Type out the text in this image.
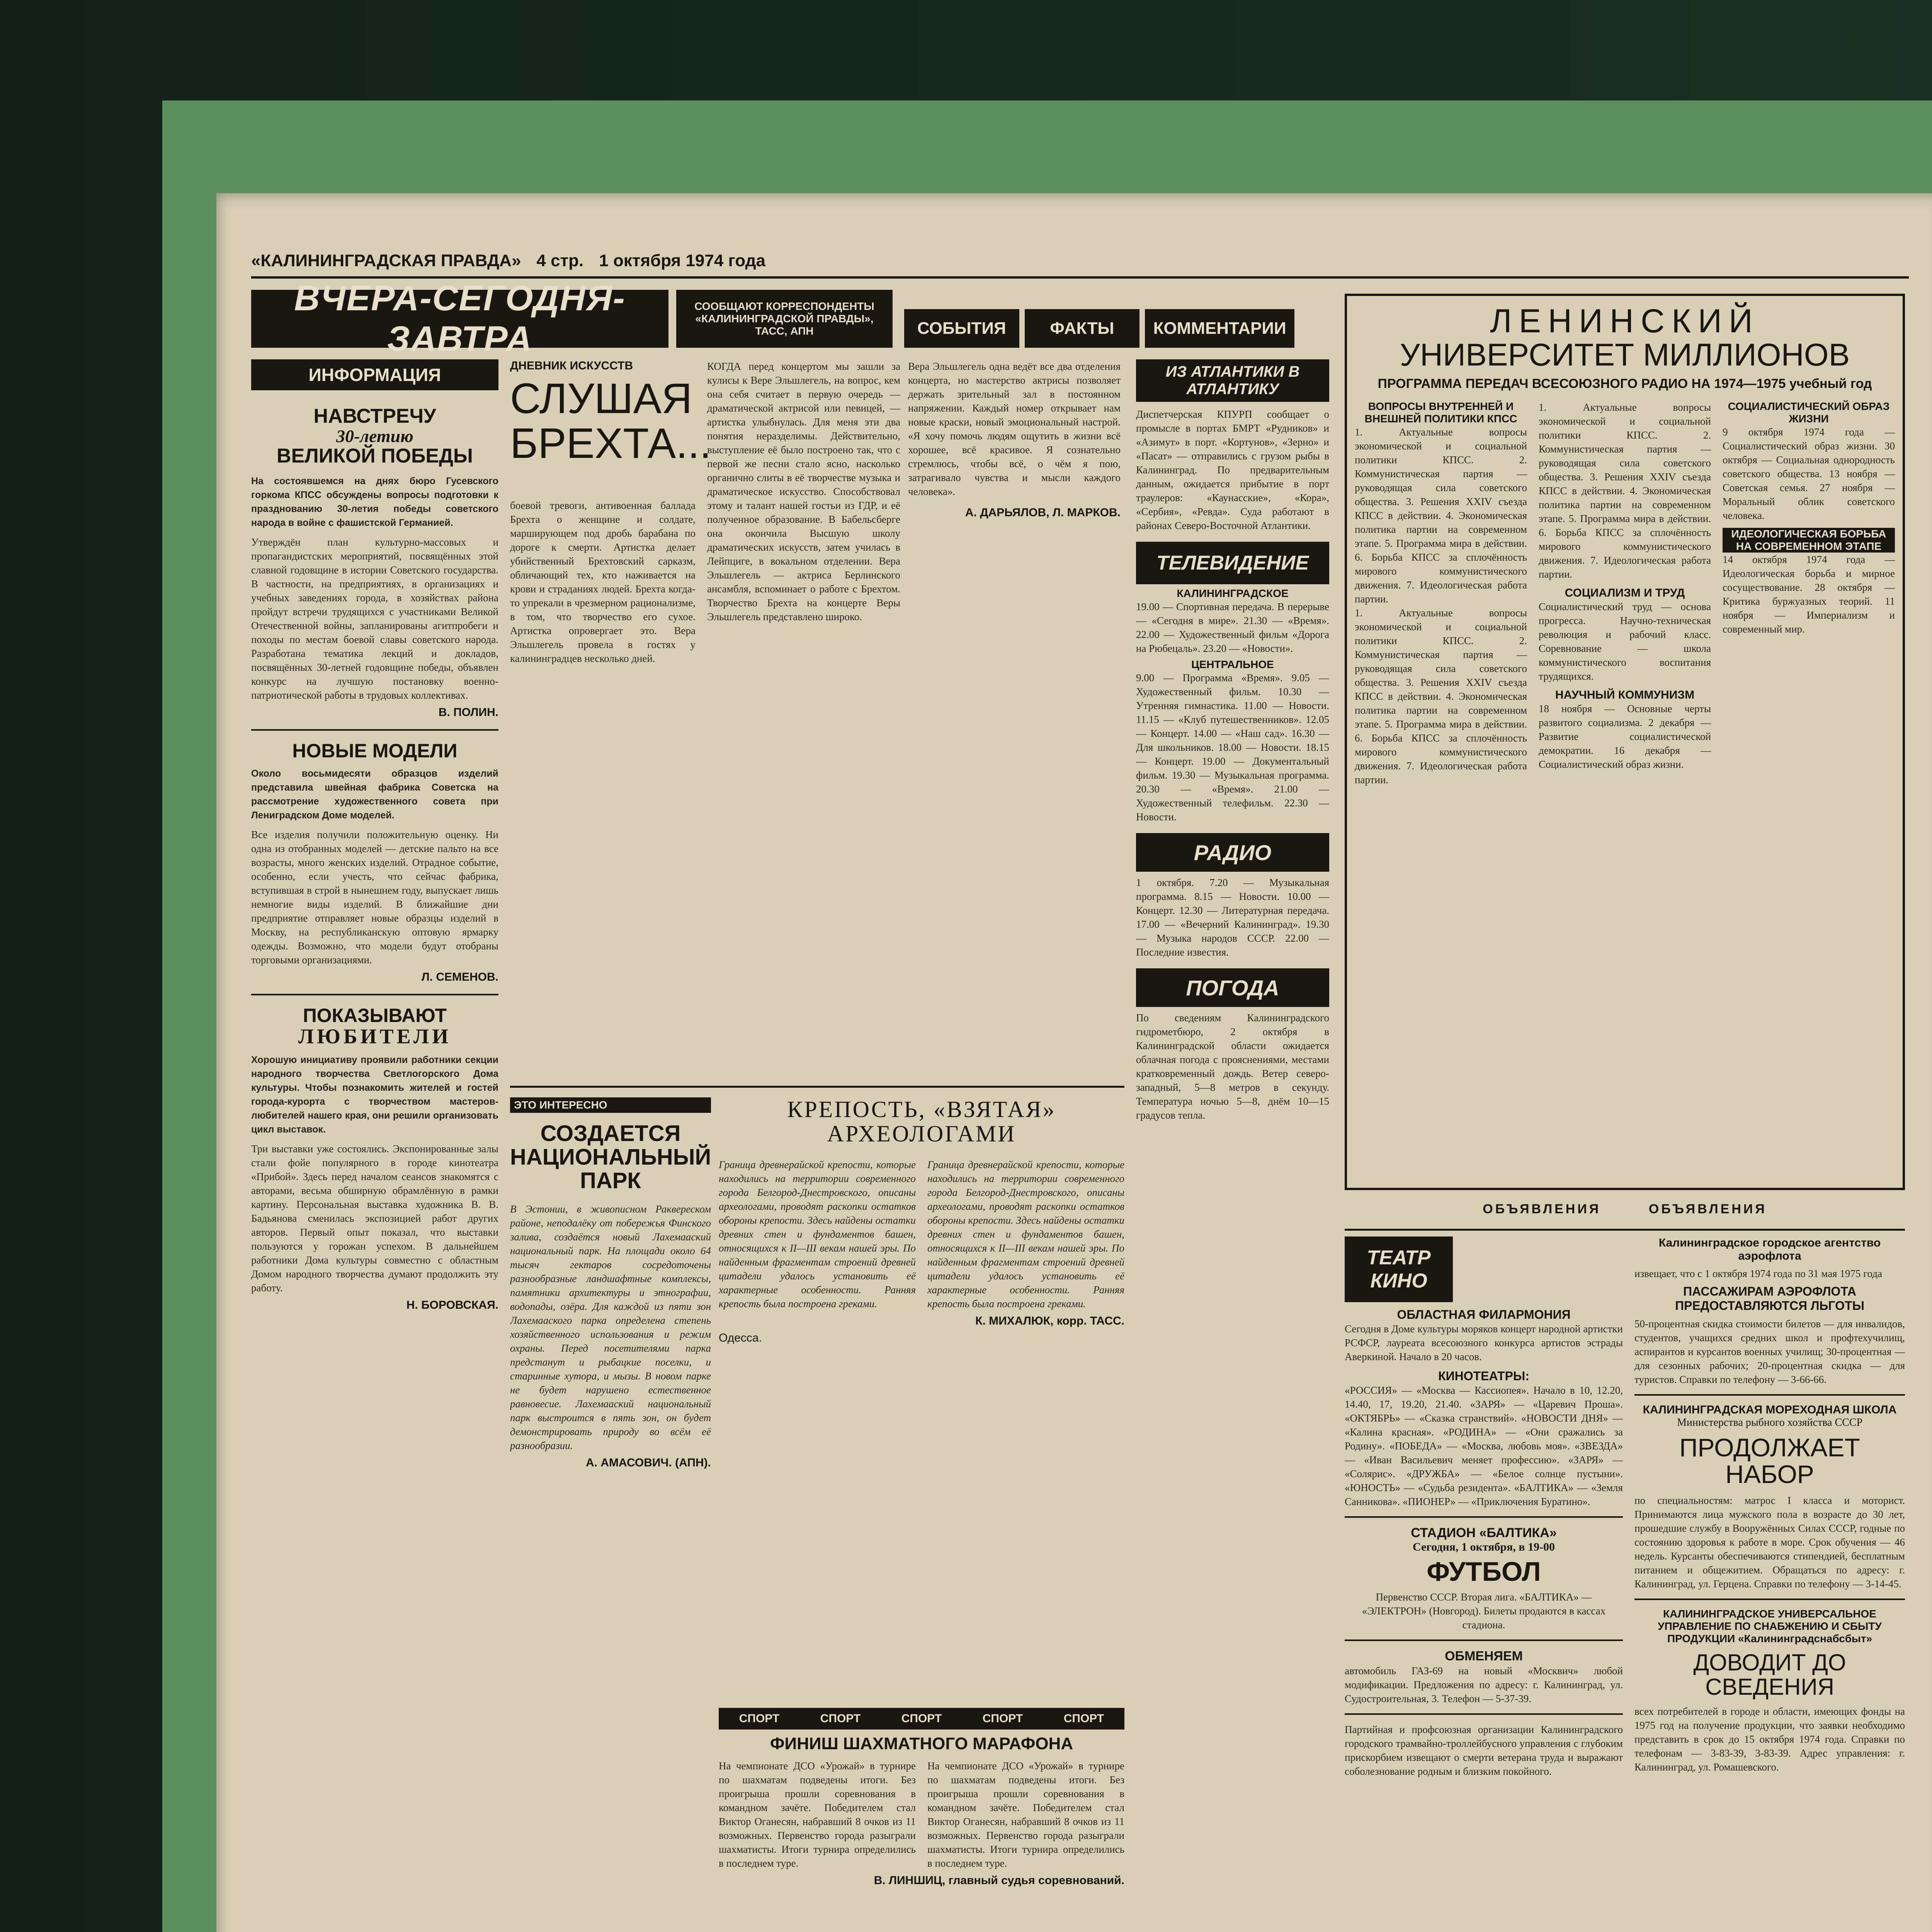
«КАЛИНИНГРАДСКАЯ ПРАВДА» 4 стр. 1 октября 1974 года
ВЧЕРА-СЕГОДНЯ-ЗАВТРА
СООБЩАЮТ КОРРЕСПОНДЕНТЫ «КАЛИНИНГРАДСКОЙ ПРАВДЫ», ТАСС, АПН	СОБЫТИЯ	ФАКТЫ	КОММЕНТАРИИ
ИНФОРМАЦИЯ

НАВСТРЕЧУ

30-летию

ВЕЛИКОЙ ПОБЕДЫ

На состоявшемся на днях бюро Гусевского горкома КПСС обсуждены вопросы подготовки к празднованию 30-летия победы советского народа в войне с фашистской Германией.

Утверждён план культурно-массовых и пропагандистских мероприятий, посвящённых этой славной годовщине в истории Советского государства. В частности, на предприятиях, в организациях и учебных заведениях города, в хозяйствах района пройдут встречи трудящихся с участниками Великой Отечественной войны, запланированы агитпробеги и походы по местам боевой славы советского народа. Разработана тематика лекций и докладов, посвящённых 30-летней годовщине победы, объявлен конкурс на лучшую постановку военно-патриотической работы в трудовых коллективах.

В. ПОЛИН.

НОВЫЕ МОДЕЛИ

Около восьмидесяти образцов изделий представила швейная фабрика Советска на рассмотрение художественного совета при Лениградском Доме моделей.

Все изделия получили положительную оценку. Ни одна из отобранных моделей — детские пальто на все возрасты, много женских изделий. Отрадное событие, особенно, если учесть, что сейчас фабрика, вступившая в строй в нынешнем году, выпускает лишь немногие виды изделий. В ближайшие дни предприятие отправляет новые образцы изделий в Москву, на республиканскую оптовую ярмарку одежды. Возможно, что модели будут отобраны торговыми организациями.

Л. СЕМЕНОВ.

ПОКАЗЫВАЮТ

ЛЮБИТЕЛИ

Хорошую инициативу проявили работники секции народного творчества Светлогорского Дома культуры. Чтобы познакомить жителей и гостей города-курорта с творчеством мастеров-любителей нашего края, они решили организовать цикл выставок.

Три выставки уже состоялись. Экспонированные залы стали фойе популярного в городе кинотеатра «Прибой». Здесь перед началом сеансов знакомятся с авторами, весьма обширную обрамлённую в рамки картину. Персональная выставка художника В. В. Бадьянова сменилась экспозицией работ других авторов. Первый опыт показал, что выставки пользуются у горожан успехом. В дальнейшем работники Дома культуры совместно с областным Домом народного творчества думают продолжить эту работу.

Н. БОРОВСКАЯ.

ДНЕВНИК ИСКУССТВ

СЛУШАЯ БРЕХТА...

КОГДА перед концертом мы зашли за кулисы к Вере Эльшлегель, на вопрос, кем она себя считает в первую очередь — драматической актрисой или певицей, — артистка улыбнулась. Для меня эти два понятия неразделимы. Действительно, выступление её было построено так, что с первой же песни стало ясно, насколько органично слиты в её творчестве музыка и драматическое искусство. Способствовал этому и талант нашей гостьи из ГДР, и её полученное образование. В Бабельсберге она окончила Высшую школу драматических искусств, затем училась в Лейпциге, в вокальном отделении. Вера Эльшлегель — актриса Берлинского ансамбля, вспоминает о работе с Брехтом. Творчество Брехта на концерте Веры Эльшлегель представлено широко.

боевой тревоги, антивоенная баллада Брехта о женщине и солдате, марширующем под дробь барабана по дороге к смерти. Артистка делает убийственный Брехтовский сарказм, обличающий тех, кто наживается на крови и страданиях людей. Брехта когда-то упрекали в чрезмерном рационализме, в том, что творчество его сухое. Артистка опровергает это. Вера Эльшлегель провела в гостях у калининградцев несколько дней.

Вера Эльшлегель одна ведёт все два отделения концерта, но мастерство актрисы позволяет держать зрительный зал в постоянном напряжении. Каждый номер открывает нам новые краски, новый эмоциональный настрой. «Я хочу помочь людям ощутить в жизни всё хорошее, всё красивое. Я сознательно стремлюсь, чтобы всё, о чём я пою, затрагивало чувства и мысли каждого человека».

А. ДАРЬЯЛОВ, Л. МАРКОВ.
ЭТО ИНТЕРЕСНО

СОЗДАЕТСЯ НАЦИОНАЛЬНЫЙ ПАРК

В Эстонии, в живописном Раквереском районе, неподалёку от побережья Финского залива, создаётся новый Лахемааский национальный парк. На площади около 64 тысяч гектаров сосредоточены разнообразные ландшафтные комплексы, памятники архитектуры и этнографии, водопады, озёра. Для каждой из пяти зон Лахемааского парка определена степень хозяйственного использования и режим охраны. Перед посетителями парка предстанут и рыбацкие поселки, и старинные хутора, и мызы. В новом парке не будет нарушено естественное равновесие. Лахемааский национальный парк выстроится в пять зон, он будет демонстрировать природу во всём её разнообразии.

А. АМАСОВИЧ. (АПН).

КРЕПОСТЬ, «ВЗЯТАЯ» АРХЕОЛОГАМИ

Граница древнерайской крепости, которые находились на территории современного города Белгород-Днестровского, описаны археологами, проводят раскопки остатков обороны крепости. Здесь найдены остатки древних стен и фундаментов башен, относящихся к II—III векам нашей эры. По найденным фрагментам строений древней цитадели удалось установить её характерные особенности. Ранняя крепость была построена греками.

Граница древнерайской крепости, которые находились на территории современного города Белгород-Днестровского, описаны археологами, проводят раскопки остатков обороны крепости. Здесь найдены остатки древних стен и фундаментов башен, относящихся к II—III векам нашей эры. По найденным фрагментам строений древней цитадели удалось установить её характерные особенности. Ранняя крепость была построена греками.

К. МИХАЛЮК, корр. ТАСС.
Одесса.
СПОРТ	СПОРТ	СПОРТ	СПОРТ	СПОРТ

ФИНИШ ШАХМАТНОГО МАРАФОНА

На чемпионате ДСО «Урожай» в турнире по шахматам подведены итоги. Без проигрыша прошли соревнования в командном зачёте. Победителем стал Виктор Оганесян, набравший 8 очков из 11 возможных. Первенство города разыграли шахматисты. Итоги турнира определились в последнем туре.

На чемпионате ДСО «Урожай» в турнире по шахматам подведены итоги. Без проигрыша прошли соревнования в командном зачёте. Победителем стал Виктор Оганесян, набравший 8 очков из 11 возможных. Первенство города разыграли шахматисты. Итоги турнира определились в последнем туре.

В. ЛИНШИЦ, главный судья соревнований.

ИЗ АТЛАНТИКИ В АТЛАНТИКУ

Диспетчерская КПУРП сообщает о промысле в портах БМРТ «Рудников» и «Азимут» в порт. «Кортунов», «Зерно» и «Пасат» — отправились с грузом рыбы в Калининград. По предварительным данным, ожидается прибытие в порт траулеров: «Каунасские», «Кора», «Сербия», «Ревда». Суда работают в районах Северо-Восточной Атлантики.

ТЕЛЕВИДЕНИЕ
КАЛИНИНГРАДСКОЕ

19.00 — Спортивная передача. В перерыве — «Сегодня в мире». 21.30 — «Время». 22.00 — Художественный фильм «Дорога на Рюбецаль». 23.20 — «Новости».

ЦЕНТРАЛЬНОЕ

9.00 — Программа «Время». 9.05 — Художественный фильм. 10.30 — Утренняя гимнастика. 11.00 — Новости. 11.15 — «Клуб путешественников». 12.05 — Концерт. 14.00 — «Наш сад». 16.30 — Для школьников. 18.00 — Новости. 18.15 — Концерт. 19.00 — Документальный фильм. 19.30 — Музыкальная программа. 20.30 — «Время». 21.00 — Художественный телефильм. 22.30 — Новости.

РАДИО

1 октября. 7.20 — Музыкальная программа. 8.15 — Новости. 10.00 — Концерт. 12.30 — Литературная передача. 17.00 — «Вечерний Калининград». 19.30 — Музыка народов СССР. 22.00 — Последние известия.

ПОГОДА

По сведениям Калининградского гидрометбюро, 2 октября в Калининградской области ожидается облачная погода с прояснениями, местами кратковременный дождь. Ветер северо-западный, 5—8 метров в секунду. Температура ночью 5—8, днём 10—15 градусов тепла.

ЛЕНИНСКИЙ

УНИВЕРСИТЕТ МИЛЛИОНОВ

ПРОГРАММА ПЕРЕДАЧ ВСЕСОЮЗНОГО РАДИО НА 1974—1975 учебный год

ВОПРОСЫ ВНУТРЕННЕЙ И ВНЕШНЕЙ ПОЛИТИКИ КПСС

1. Актуальные вопросы экономической и социальной политики КПСС. 2. Коммунистическая партия — руководящая сила советского общества. 3. Решения XXIV съезда КПСС в действии. 4. Экономическая политика партии на современном этапе. 5. Программа мира в действии. 6. Борьба КПСС за сплочённость мирового коммунистического движения. 7. Идеологическая работа партии.

1. Актуальные вопросы экономической и социальной политики КПСС. 2. Коммунистическая партия — руководящая сила советского общества. 3. Решения XXIV съезда КПСС в действии. 4. Экономическая политика партии на современном этапе. 5. Программа мира в действии. 6. Борьба КПСС за сплочённость мирового коммунистического движения. 7. Идеологическая работа партии.

1. Актуальные вопросы экономической и социальной политики КПСС. 2. Коммунистическая партия — руководящая сила советского общества. 3. Решения XXIV съезда КПСС в действии. 4. Экономическая политика партии на современном этапе. 5. Программа мира в действии. 6. Борьба КПСС за сплочённость мирового коммунистического движения. 7. Идеологическая работа партии.

СОЦИАЛИЗМ И ТРУД

Социалистический труд — основа прогресса. Научно-техническая революция и рабочий класс. Соревнование — школа коммунистического воспитания трудящихся.

НАУЧНЫЙ КОММУНИЗМ

18 ноября — Основные черты развитого социализма. 2 декабря — Развитие социалистической демократии. 16 декабря — Социалистический образ жизни.

СОЦИАЛИСТИЧЕСКИЙ ОБРАЗ ЖИЗНИ

9 октября 1974 года — Социалистический образ жизни. 30 октября — Социальная однородность советского общества. 13 ноября — Советская семья. 27 ноября — Моральный облик советского человека.

ИДЕОЛОГИЧЕСКАЯ БОРЬБА НА СОВРЕМЕННОМ ЭТАПЕ

14 октября 1974 года — Идеологическая борьба и мирное сосуществование. 28 октября — Критика буржуазных теорий. 11 ноября — Империализм и современный мир.

ОБЪЯВЛЕНИЯ	ОБЪЯВЛЕНИЯ
ТЕАТР КИНО
ОБЛАСТНАЯ ФИЛАРМОНИЯ

Сегодня в Доме культуры моряков концерт народной артистки РСФСР, лауреата всесоюзного конкурса артистов эстрады Аверкиной. Начало в 20 часов.

КИНОТЕАТРЫ:

«РОССИЯ» — «Москва — Кассиопея». Начало в 10, 12.20, 14.40, 17, 19.20, 21.40. «ЗАРЯ» — «Царевич Проша». «ОКТЯБРЬ» — «Сказка странствий». «НОВОСТИ ДНЯ» — «Калина красная». «РОДИНА» — «Они сражались за Родину». «ПОБЕДА» — «Москва, любовь моя». «ЗВЕЗДА» — «Иван Васильевич меняет профессию». «ЗАРЯ» — «Солярис». «ДРУЖБА» — «Белое солнце пустыни». «ЮНОСТЬ» — «Судьба резидента». «БАЛТИКА» — «Земля Санникова». «ПИОНЕР» — «Приключения Буратино».

СТАДИОН «БАЛТИКА»
Сегодня, 1 октября, в 19-00

ФУТБОЛ

Первенство СССР. Вторая лига. «БАЛТИКА» — «ЭЛЕКТРОН» (Новгород). Билеты продаются в кассах стадиона.

ОБМЕНЯЕМ

автомобиль ГАЗ-69 на новый «Москвич» любой модификации. Предложения по адресу: г. Калининград, ул. Судостроительная, 3. Телефон — 5-37-39.

Партийная и профсоюзная организации Калининградского городского трамвайно-троллейбусного управления с глубоким прискорбием извещают о смерти ветерана труда и выражают соболезнование родным и близким покойного.

Калининградское городское агентство аэрофлота

извещает, что с 1 октября 1974 года по 31 мая 1975 года

ПАССАЖИРАМ АЭРОФЛОТА ПРЕДОСТАВЛЯЮТСЯ ЛЬГОТЫ

50-процентная скидка стоимости билетов — для инвалидов, студентов, учащихся средних школ и профтехучилищ, аспирантов и курсантов военных училищ; 30-процентная — для сезонных рабочих; 20-процентная скидка — для туристов. Справки по телефону — 3-66-66.

КАЛИНИНГРАДСКАЯ МОРЕХОДНАЯ ШКОЛА
Министерства рыбного хозяйства СССР

ПРОДОЛЖАЕТ НАБОР

по специальностям: матрос I класса и моторист. Принимаются лица мужского пола в возрасте до 30 лет, прошедшие службу в Вооружённых Силах СССР, годные по состоянию здоровья к работе в море. Срок обучения — 46 недель. Курсанты обеспечиваются стипендией, бесплатным питанием и общежитием. Обращаться по адресу: г. Калининград, ул. Герцена. Справки по телефону — 3-14-45.

КАЛИНИНГРАДСКОЕ УНИВЕРСАЛЬНОЕ УПРАВЛЕНИЕ ПО СНАБЖЕНИЮ И СБЫТУ ПРОДУКЦИИ «Калининградснабсбыт»

ДОВОДИТ ДО СВЕДЕНИЯ

всех потребителей в городе и области, имеющих фонды на 1975 год на получение продукции, что заявки необходимо представить в срок до 15 октября 1974 года. Справки по телефонам — 3-83-39, 3-83-39. Адрес управления: г. Калининград, ул. Ромашевского.
